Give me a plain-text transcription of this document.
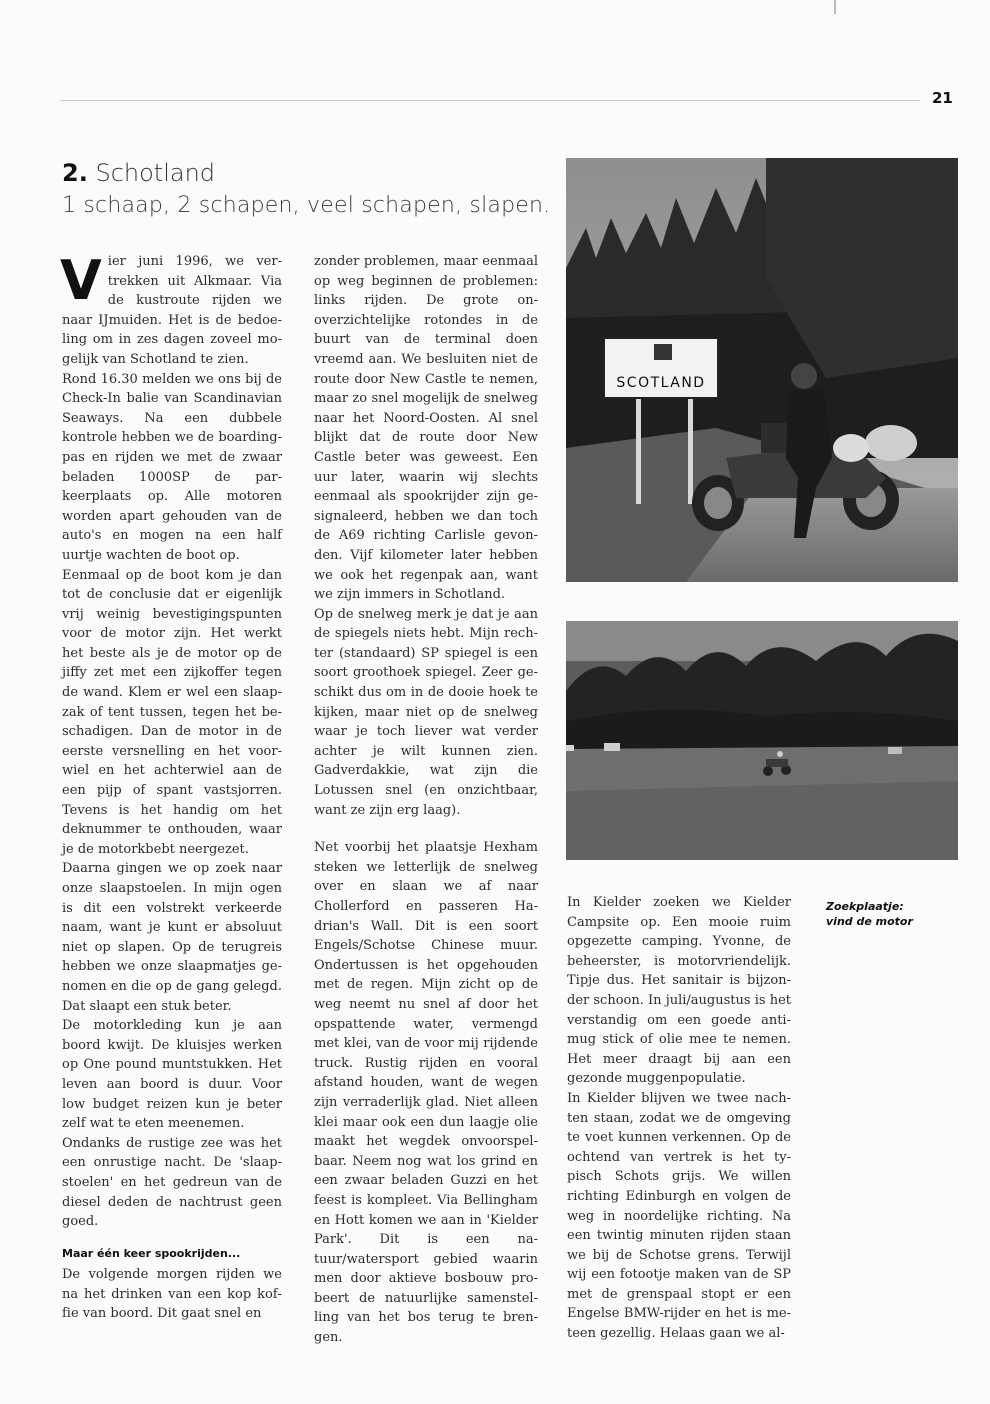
21
2. Schotland
1 schaap, 2 schapen, veel schapen, slapen.

Vier juni 1996, we vertrekken uit Alkmaar. Via de kustroute rijden we naar IJmuiden. Het is de bedoeling om in zes dagen zoveel mogelijk van Schotland te zien.

Rond 16.30 melden we ons bij de Check-In balie van Scandinavian Seaways. Na een dubbele kontrole hebben we de boarding-pas en rijden we met de zwaar beladen 1000SP de parkeerplaats op. Alle motoren worden apart gehouden van de auto's en mogen na een half uurtje wachten de boot op.

Eenmaal op de boot kom je dan tot de conclusie dat er eigenlijk vrij weinig bevestigingspunten voor de motor zijn. Het werkt het beste als je de motor op de jiffy zet met een zijkoffer tegen de wand. Klem er wel een slaapzak of tent tussen, tegen het beschadigen. Dan de motor in de eerste versnelling en het voorwiel en het achterwiel aan de een pijp of spant vastsjorren. Tevens is het handig om het deknummer te onthouden, waar je de motorkbebt neergezet.

Daarna gingen we op zoek naar onze slaapstoelen. In mijn ogen is dit een volstrekt verkeerde naam, want je kunt er absoluut niet op slapen. Op de terugreis hebben we onze slaapmatjes genomen en die op de gang gelegd. Dat slaapt een stuk beter.

De motorkleding kun je aan boord kwijt. De kluisjes werken op One pound muntstukken. Het leven aan boord is duur. Voor low budget reizen kun je beter zelf wat te eten meenemen.

Ondanks de rustige zee was het een onrustige nacht. De 'slaapstoelen' en het gedreun van de diesel deden de nachtrust geen goed.

Maar één keer spookrijden...

De volgende morgen rijden we na het drinken van een kop koffie van boord. Dit gaat snel en

zonder problemen, maar eenmaal op weg beginnen de problemen: links rijden. De grote onoverzichtelijke rotondes in de buurt van de terminal doen vreemd aan. We besluiten niet de route door New Castle te nemen, maar zo snel mogelijk de snelweg naar het Noord-Oosten. Al snel blijkt dat de route door New Castle beter was geweest. Een uur later, waarin wij slechts eenmaal als spookrijder zijn gesignaleerd, hebben we dan toch de A69 richting Carlisle gevonden. Vijf kilometer later hebben we ook het regenpak aan, want we zijn immers in Schotland.

Op de snelweg merk je dat je aan de spiegels niets hebt. Mijn rechter (standaard) SP spiegel is een soort groothoek spiegel. Zeer geschikt dus om in de dooie hoek te kijken, maar niet op de snelweg waar je toch liever wat verder achter je wilt kunnen zien. Gadverdakkie, wat zijn die Lotussen snel (en onzichtbaar, want ze zijn erg laag).

Net voorbij het plaatsje Hexham steken we letterlijk de snelweg over en slaan we af naar Chollerford en passeren Hadrian's Wall. Dit is een soort Engels/Schotse Chinese muur. Ondertussen is het opgehouden met de regen. Mijn zicht op de weg neemt nu snel af door het opspattende water, vermengd met klei, van de voor mij rijdende truck. Rustig rijden en vooral afstand houden, want de wegen zijn verraderlijk glad. Niet alleen klei maar ook een dun laagje olie maakt het wegdek onvoorspelbaar. Neem nog wat los grind en een zwaar beladen Guzzi en het feest is kompleet. Via Bellingham en Hott komen we aan in 'Kielder Park'. Dit is een natuur/watersport gebied waarin men door aktieve bosbouw probeert de natuurlijke samenstelling van het bos terug te brengen.

In Kielder zoeken we Kielder Campsite op. Een mooie ruim opgezette camping. Yvonne, de beheerster, is motorvriendelijk. Tipje dus. Het sanitair is bijzonder schoon. In juli/augustus is het verstandig om een goede anti-mug stick of olie mee te nemen. Het meer draagt bij aan een gezonde muggenpopulatie.

In Kielder blijven we twee nachten staan, zodat we de omgeving te voet kunnen verkennen. Op de ochtend van vertrek is het typisch Schots grijs. We willen richting Edinburgh en volgen de weg in noordelijke richting. Na een twintig minuten rijden staan we bij de Schotse grens. Terwijl wij een fotootje maken van de SP met de grenspaal stopt er een Engelse BMW-rijder en het is meteen gezellig. Helaas gaan we al-

Zoekplaatje:
vind de motor
SCOTLAND
